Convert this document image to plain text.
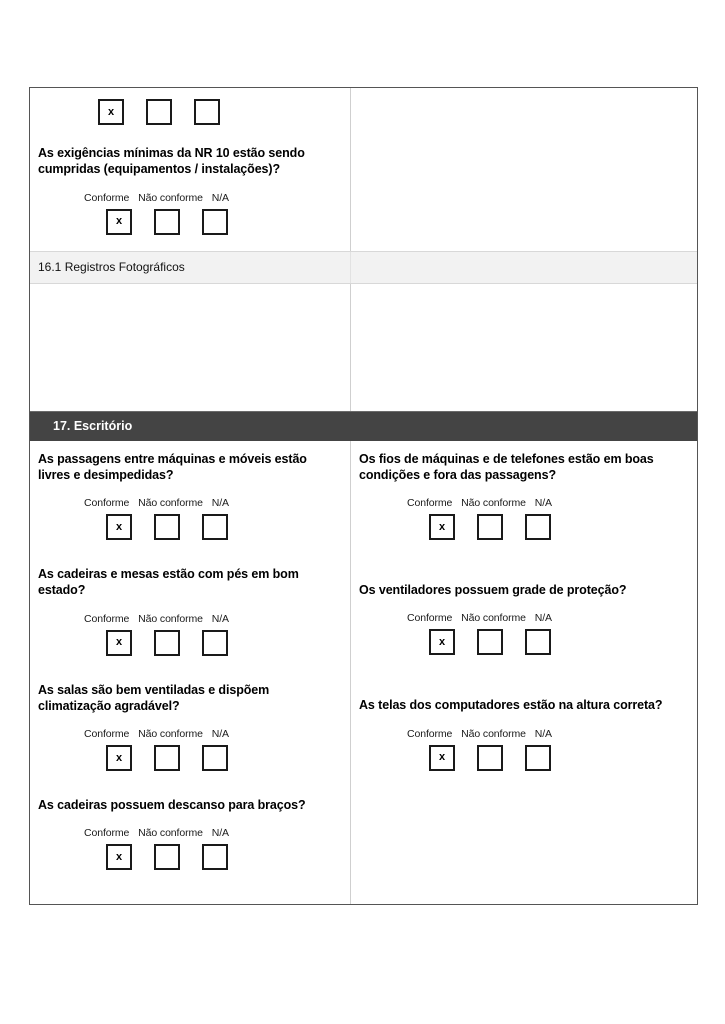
x

As exigências mínimas da NR 10 estão sendo cumpridas (equipamentos / instalações)?

Conforme Não conforme N/A
x
16.1 Registros Fotográficos
17. Escritório

As passagens entre máquinas e móveis estão livres e desimpedidas?

Conforme Não conforme N/A
x

As cadeiras e mesas estão com pés em bom estado?

Conforme Não conforme N/A
x

As salas são bem ventiladas e dispõem climatização agradável?

Conforme Não conforme N/A
x

As cadeiras possuem descanso para braços?

Conforme Não conforme N/A
x

Os fios de máquinas e de telefones estão em boas condições e fora das passagens?

Conforme Não conforme N/A
x

Os ventiladores possuem grade de proteção?

Conforme Não conforme N/A
x

As telas dos computadores estão na altura correta?

Conforme Não conforme N/A
x
